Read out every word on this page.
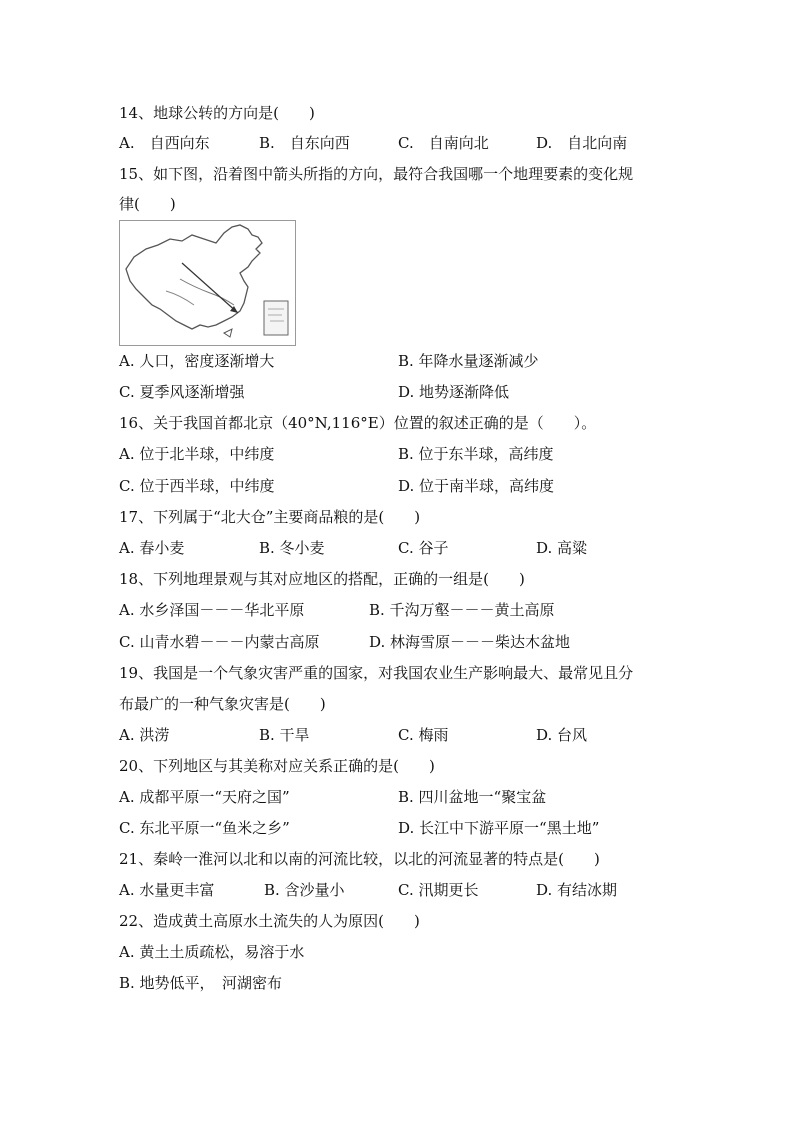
14、地球公转的方向是(　　)
A.　自西向东	B.　自东向西	C.　自南向北	D.　自北向南
15、如下图，沿着图中箭头所指的方向，最符合我国哪一个地理要素的变化规
律(　　)
A. 人口，密度逐渐增大	B. 年降水量逐渐减少
C. 夏季风逐渐增强	D. 地势逐渐降低
16、关于我国首都北京（40°N,116°E）位置的叙述正确的是（　　）。
A. 位于北半球，中纬度	B. 位于东半球，高纬度
C. 位于西半球，中纬度	D. 位于南半球，高纬度
17、下列属于“北大仓”主要商品粮的是(　　)
A. 春小麦	B. 冬小麦	C. 谷子	D. 高粱
18、下列地理景观与其对应地区的搭配，正确的一组是(　　)
A. 水乡泽国－－－华北平原	B. 千沟万壑－－－黄土高原
C. 山青水碧－－－内蒙古高原	D. 林海雪原－－－柴达木盆地
19、我国是一个气象灾害严重的国家，对我国农业生产影响最大、最常见且分
布最广的一种气象灾害是(　　)
A. 洪涝	B. 干旱	C. 梅雨	D. 台风
20、下列地区与其美称对应关系正确的是(　　)
A. 成都平原一“天府之国”	B. 四川盆地一“聚宝盆
C. 东北平原一“鱼米之乡”	D. 长江中下游平原一“黑土地”
21、秦岭一淮河以北和以南的河流比较，以北的河流显著的特点是(　　)
A. 水量更丰富	B. 含沙量小	C. 汛期更长	D. 有结冰期
22、造成黄土高原水土流失的人为原因(　　)
A. 黄土土质疏松，易溶于水
B. 地势低平，　河湖密布
